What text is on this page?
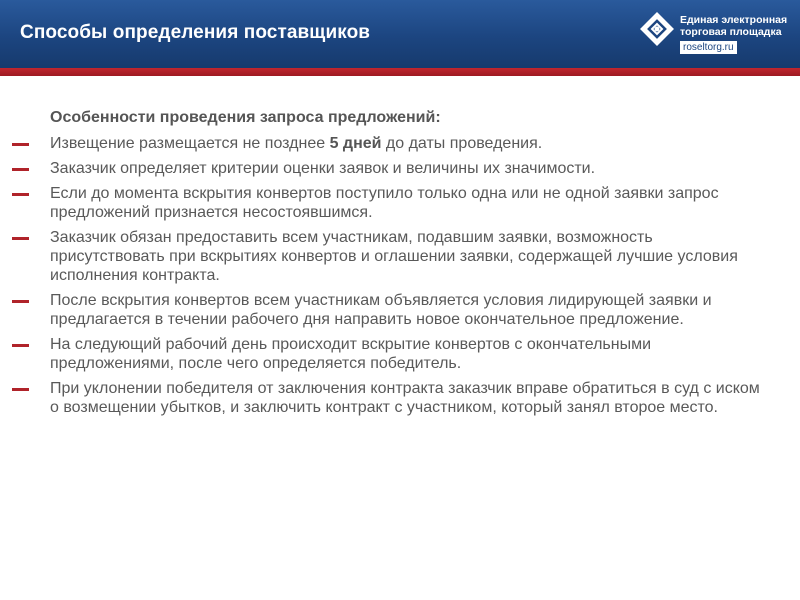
Способы определения поставщиков
Единая электронная
торговая площадка
roseltorg.ru
Особенности проведения запроса предложений:
Извещение размещается не позднее 5 дней до даты проведения.
Заказчик определяет критерии оценки заявок и величины их значимости.
Если до момента вскрытия конвертов поступило только одна или не одной заявки запрос предложений признается несостоявшимся.
Заказчик обязан предоставить всем участникам, подавшим заявки, возможность присутствовать при вскрытиях конвертов и оглашении заявки, содержащей лучшие условия исполнения контракта.
После вскрытия конвертов всем участникам объявляется условия лидирующей заявки и предлагается в течении рабочего дня направить новое окончательное предложение.
На следующий рабочий день происходит вскрытие конвертов с окончательными предложениями, после чего определяется победитель.
При уклонении победителя от заключения контракта заказчик вправе обратиться в суд с иском о возмещении убытков, и заключить контракт с участником, который занял второе место.
